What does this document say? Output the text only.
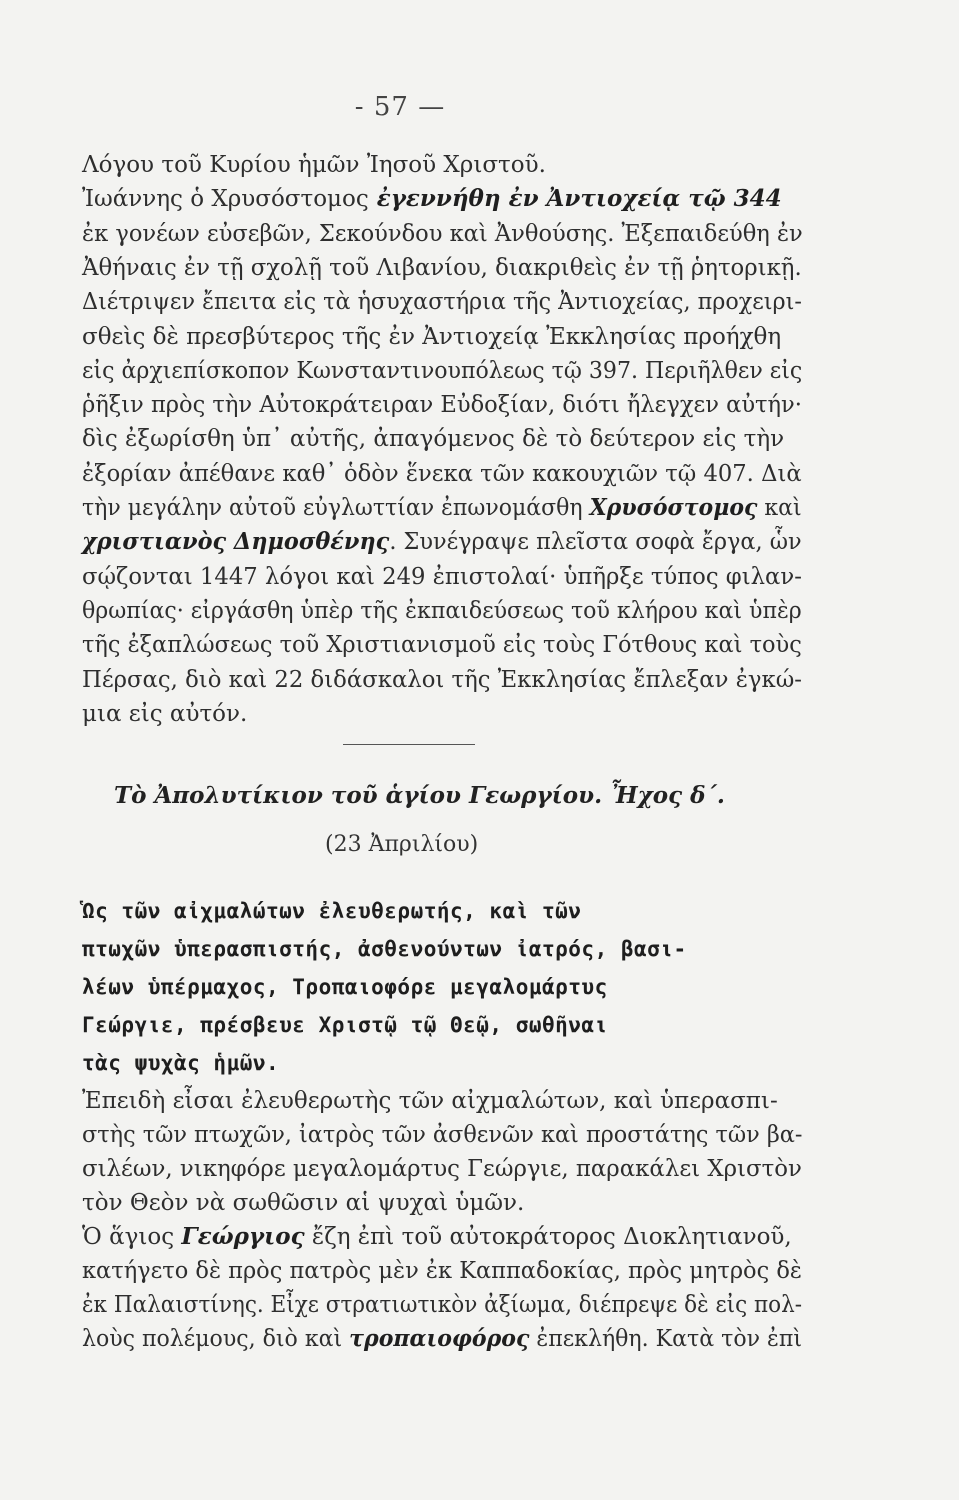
- 57 —
Λόγου τοῦ Κυρίου ἡμῶν Ἰησοῦ Χριστοῦ.
Ἰωάννης ὁ Χρυσόστομος ἐγεννήθη ἐν Ἀντιοχείᾳ τῷ 344
ἐκ γονέων εὐσεβῶν, Σεκούνδου καὶ Ἀνθούσης. Ἐξεπαιδεύθη ἐν
Ἀθήναις ἐν τῇ σχολῇ τοῦ Λιβανίου, διακριθεὶς ἐν τῇ ῥητορικῇ.
Διέτριψεν ἔπειτα εἰς τὰ ἡσυχαστήρια τῆς Ἀντιοχείας, προχειρι-
σθεὶς δὲ πρεσβύτερος τῆς ἐν Ἀντιοχείᾳ Ἐκκλησίας προήχθη
εἰς ἀρχιεπίσκοπον Κωνσταντινουπόλεως τῷ 397. Περιῆλθεν εἰς
ῥῆξιν πρὸς τὴν Αὐτοκράτειραν Εὐδοξίαν, διότι ἤλεγχεν αὐτήν·
δὶς ἐξωρίσθη ὑπ᾽ αὐτῆς, ἀπαγόμενος δὲ τὸ δεύτερον εἰς τὴν
ἐξορίαν ἀπέθανε καθ᾽ ὁδὸν ἕνεκα τῶν κακουχιῶν τῷ 407. Διὰ
τὴν μεγάλην αὐτοῦ εὐγλωττίαν ἐπωνομάσθη Χρυσόστομος καὶ
χριστιανὸς Δημοσθένης. Συνέγραψε πλεῖστα σοφὰ ἔργα, ὧν
σῴζονται 1447 λόγοι καὶ 249 ἐπιστολαί· ὑπῆρξε τύπος φιλαν-
θρωπίας· εἰργάσθη ὑπὲρ τῆς ἐκπαιδεύσεως τοῦ κλήρου καὶ ὑπὲρ
τῆς ἐξαπλώσεως τοῦ Χριστιανισμοῦ εἰς τοὺς Γότθους καὶ τοὺς
Πέρσας, διὸ καὶ 22 διδάσκαλοι τῆς Ἐκκλησίας ἔπλεξαν ἐγκώ-
μια εἰς αὐτόν.
Τὸ Ἀπολυτίκιον τοῦ ἁγίου Γεωργίου. Ἦχος δ΄.
(23 Ἀπριλίου)
Ὡς τῶν αἰχμαλώτων ἐλευθερωτής, καὶ τῶν
πτωχῶν ὑπερασπιστής, ἀσθενούντων ἰατρός, βασι-
λέων ὑπέρμαχος, Τροπαιοφόρε μεγαλομάρτυς
Γεώργιε, πρέσβευε Χριστῷ τῷ Θεῷ, σωθῆναι
τὰς ψυχὰς ἡμῶν.
Ἐπειδὴ εἶσαι ἐλευθερωτὴς τῶν αἰχμαλώτων, καὶ ὑπερασπι-
στὴς τῶν πτωχῶν, ἰατρὸς τῶν ἀσθενῶν καὶ προστάτης τῶν βα-
σιλέων, νικηφόρε μεγαλομάρτυς Γεώργιε, παρακάλει Χριστὸν
τὸν Θεὸν νὰ σωθῶσιν αἱ ψυχαὶ ὑμῶν.
Ὁ ἅγιος Γεώργιος ἔζη ἐπὶ τοῦ αὐτοκράτορος Διοκλητιανοῦ,
κατήγετο δὲ πρὸς πατρὸς μὲν ἐκ Καππαδοκίας, πρὸς μητρὸς δὲ
ἐκ Παλαιστίνης. Εἶχε στρατιωτικὸν ἀξίωμα, διέπρεψε δὲ εἰς πολ-
λοὺς πολέμους, διὸ καὶ τροπαιοφόρος ἐπεκλήθη. Κατὰ τὸν ἐπὶ
